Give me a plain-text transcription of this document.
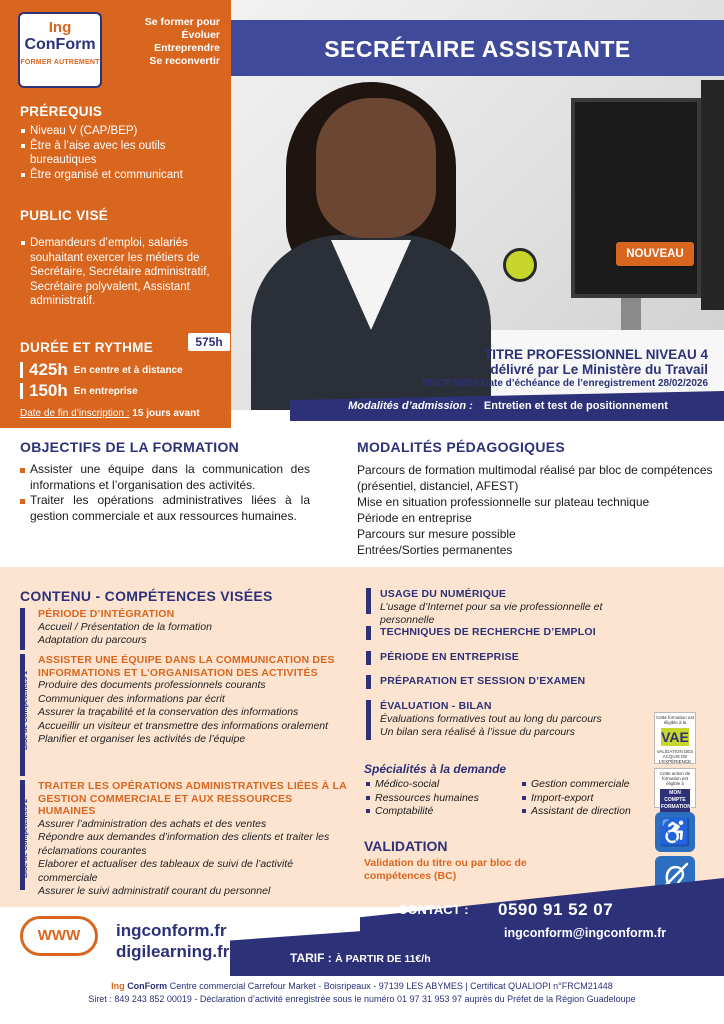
Ing
ConForm
FORMER AUTREMENT
Se former pour
Évoluer
Entreprendre
Se reconvertir
PRÉREQUIS
Niveau V (CAP/BEP)
Être à l’aise avec les outils bureautiques
Être organisé et communicant
PUBLIC VISÉ
Demandeurs d’emploi, salariés souhaitant exercer les métiers de Secrétaire, Secrétaire administratif, Secrétaire polyvalent, Assistant administratif.
DURÉE ET RYTHME	575h
425h En centre et à distance
150h En entreprise
Date de fin d’inscription : 15 jours avant
SECRÉTAIRE ASSISTANTE
NOUVEAU
TITRE PROFESSIONNEL NIVEAU 4
délivré par Le Ministère du Travail
RNCP36804 Date d’échéance de l’enregistrement 28/02/2026
Modalités d’admission : Entretien et test de positionnement
OBJECTIFS DE LA FORMATION
Assister une équipe dans la communication des informations et l’organisation des activités.
Traiter les opérations administratives liées à la gestion commerciale et aux ressources humaines.
MODALITÉS PÉDAGOGIQUES
Parcours de formation multimodal réalisé par bloc de compétences (présentiel, distanciel, AFEST)
Mise en situation professionnelle sur plateau technique
Période en entreprise
Parcours sur mesure possible
Entrées/Sorties permanentes
CONTENU - COMPÉTENCES VISÉES
PÉRIODE D’INTÉGRATION
Accueil / Présentation de la formation
Adaptation du parcours
ASSISTER UNE ÉQUIPE DANS LA COMMUNICATION DES INFORMATIONS ET L’ORGANISATION DES ACTIVITÉS
Produire des documents professionnels courants
Communiquer des informations par écrit
Assurer la traçabilité et la conservation des informations
Accueillir un visiteur et transmettre des informations oralement
Planifier et organiser les activités de l’équipe
Bloc de Compétences 1
TRAITER LES OPÉRATIONS ADMINISTRATIVES LIÉES À LA GESTION COMMERCIALE ET AUX RESSOURCES HUMAINES
Assurer l’administration des achats et des ventes
Répondre aux demandes d’information des clients et traiter les réclamations courantes
Elaborer et actualiser des tableaux de suivi de l’activité commerciale
Assurer le suivi administratif courant du personnel
Bloc de Compétences 2
USAGE DU NUMÉRIQUE
L’usage d’Internet pour sa vie professionnelle et personnelle
TECHNIQUES DE RECHERCHE D’EMPLOI
PÉRIODE EN ENTREPRISE
PRÉPARATION ET SESSION D’EXAMEN
ÉVALUATION - BILAN
Évaluations formatives tout au long du parcours
Un bilan sera réalisé à l’issue du parcours
Spécialités à la demande
Médico-social
Ressources humaines
Comptabilité
Gestion commerciale
Import-export
Assistant de direction
VALIDATION
Validation du titre ou par bloc de compétences (BC)
Cette formation est éligible à la
VAE
VALIDATION DES ACQUIS DE L'EXPÉRIENCE
Cette action de formation est éligible à
MON COMPTE FORMATION
♿
CONTACT : 0590 91 52 07
ingconform@ingconform.fr
TARIF : À PARTIR DE 11€/h
WWW	ingconform.fr
digilearning.fr
Ing ConForm Centre commercial Carrefour Market - Boisripeaux - 97139 LES ABYMES | Certificat QUALIOPI n°FRCM21448
Siret : 849 243 852 00019 - Déclaration d’activité enregistrée sous le numéro 01 97 31 953 97 auprès du Préfet de la Région Guadeloupe
